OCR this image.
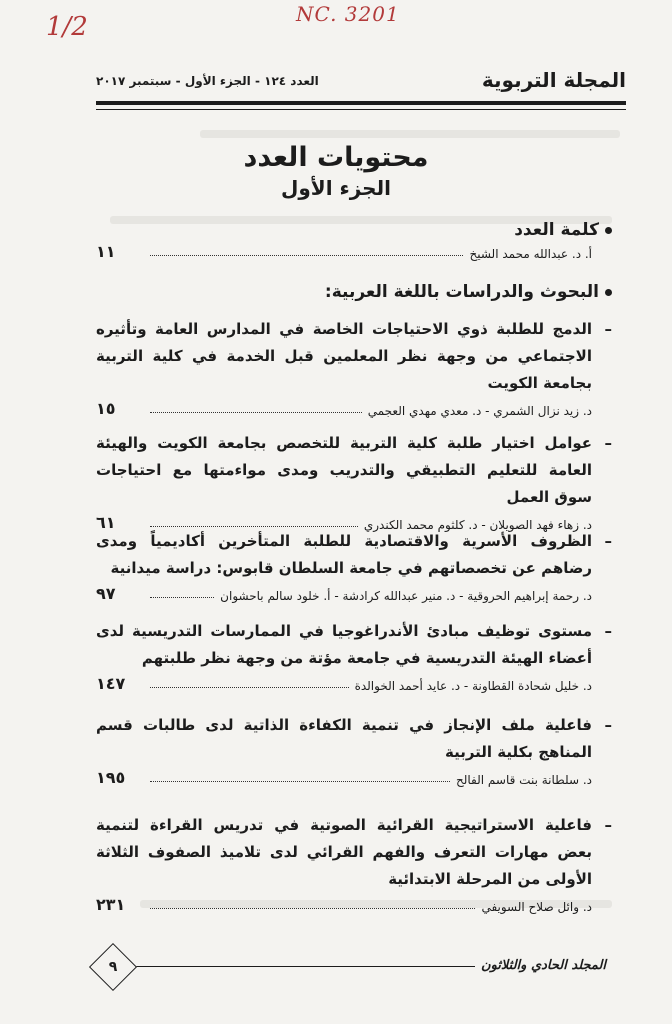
1/2	NC. 3201
المجلة التربوية
العدد ١٢٤ - الجزء الأول - سبتمبر ٢٠١٧
محتويات العدد
الجزء الأول
كلمة العدد
أ. د. عبدالله محمد الشيخ
١١
البحوث والدراسات باللغة العربية:
–
الدمج للطلبة ذوي الاحتياجات الخاصة في المدارس العامة وتأثيره الاجتماعي من وجهة نظر المعلمين قبل الخدمة في كلية التربية بجامعة الكويت
د. زيد نزال الشمري - د. معدي مهدي العجمي
١٥
–
عوامل اختيار طلبة كلية التربية للتخصص بجامعة الكويت والهيئة العامة للتعليم التطبيقي والتدريب ومدى مواءمتها مع احتياجات سوق العمل
د. زهاء فهد الصويلان - د. كلثوم محمد الكندري
٦١
–
الظروف الأسرية والاقتصادية للطلبة المتأخرين أكاديمياً ومدى رضاهم عن تخصصاتهم في جامعة السلطان قابوس: دراسة ميدانية
د. رحمة إبراهيم الحروقية - د. منير عبدالله كرادشة - أ. خلود سالم باحشوان
٩٧
–
مستوى توظيف مبادئ الأندراغوجيا في الممارسات التدريسية لدى أعضاء الهيئة التدريسية في جامعة مؤتة من وجهة نظر طلبتهم
د. خليل شحادة القطاونة - د. عايد أحمد الخوالدة
١٤٧
–
فاعلية ملف الإنجاز في تنمية الكفاءة الذاتية لدى طالبات قسم المناهج بكلية التربية
د. سلطانة بنت قاسم الفالح
١٩٥
–
فاعلية الاستراتيجية القرائية الصوتية في تدريس القراءة لتنمية بعض مهارات التعرف والفهم القرائي لدى تلاميذ الصفوف الثلاثة الأولى من المرحلة الابتدائية
د. وائل صلاح السويفي
٢٣١
المجلد الحادي والثلاثون
٩
